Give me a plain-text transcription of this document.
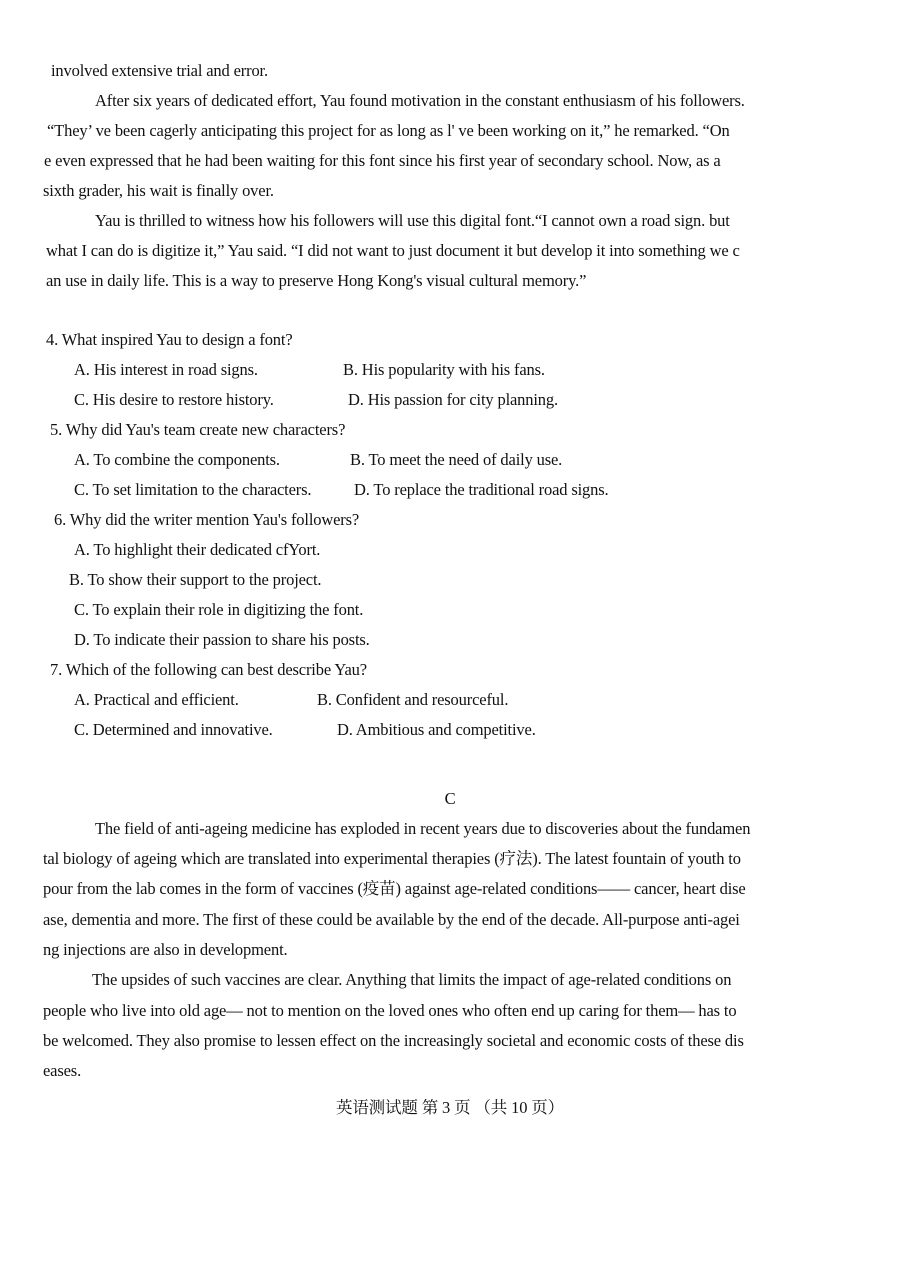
involved extensive trial and error.
After six years of dedicated effort, Yau found motivation in the constant enthusiasm of his followers.
“They’ ve been cagerly anticipating this project for as long as l' ve been working on it,” he remarked. “On
e even expressed that he had been waiting for this font since his first year of secondary school. Now, as a
sixth grader, his wait is finally over.
Yau is thrilled to witness how his followers will use this digital font.“I cannot own a road sign. but
what I can do is digitize it,” Yau said. “I did not want to just document it but develop it into something we c
an use in daily life. This is a way to preserve Hong Kong's visual cultural memory.”
4. What inspired Yau to design a font?
A. His interest in road signs.	B. His popularity with his fans.
C. His desire to restore history.	D. His passion for city planning.
5. Why did Yau's team create new characters?
A. To combine the components.	B. To meet the need of daily use.
C. To set limitation to the characters.	D. To replace the traditional road signs.
6. Why did the writer mention Yau's followers?
A. To highlight their dedicated cfYort.
B. To show their support to the project.
C. To explain their role in digitizing the font.
D. To indicate their passion to share his posts.
7. Which of the following can best describe Yau?
A. Practical and efficient.	B. Confident and resourceful.
C. Determined and innovative.	D. Ambitious and competitive.
C
The field of anti-ageing medicine has exploded in recent years due to discoveries about the fundamen
tal biology of ageing which are translated into experimental therapies (疗法). The latest fountain of youth to
pour from the lab comes in the form of vaccines (疫苗) against age-related conditions—— cancer, heart dise
ase, dementia and more. The first of these could be available by the end of the decade. All-purpose anti-agei
ng injections are also in development.
The upsides of such vaccines are clear. Anything that limits the impact of age-related conditions on
people who live into old age— not to mention on the loved ones who often end up caring for them— has to
be welcomed. They also promise to lessen effect on the increasingly societal and economic costs of these dis
eases.
英语测试题 第 3 页 （共 10 页）
